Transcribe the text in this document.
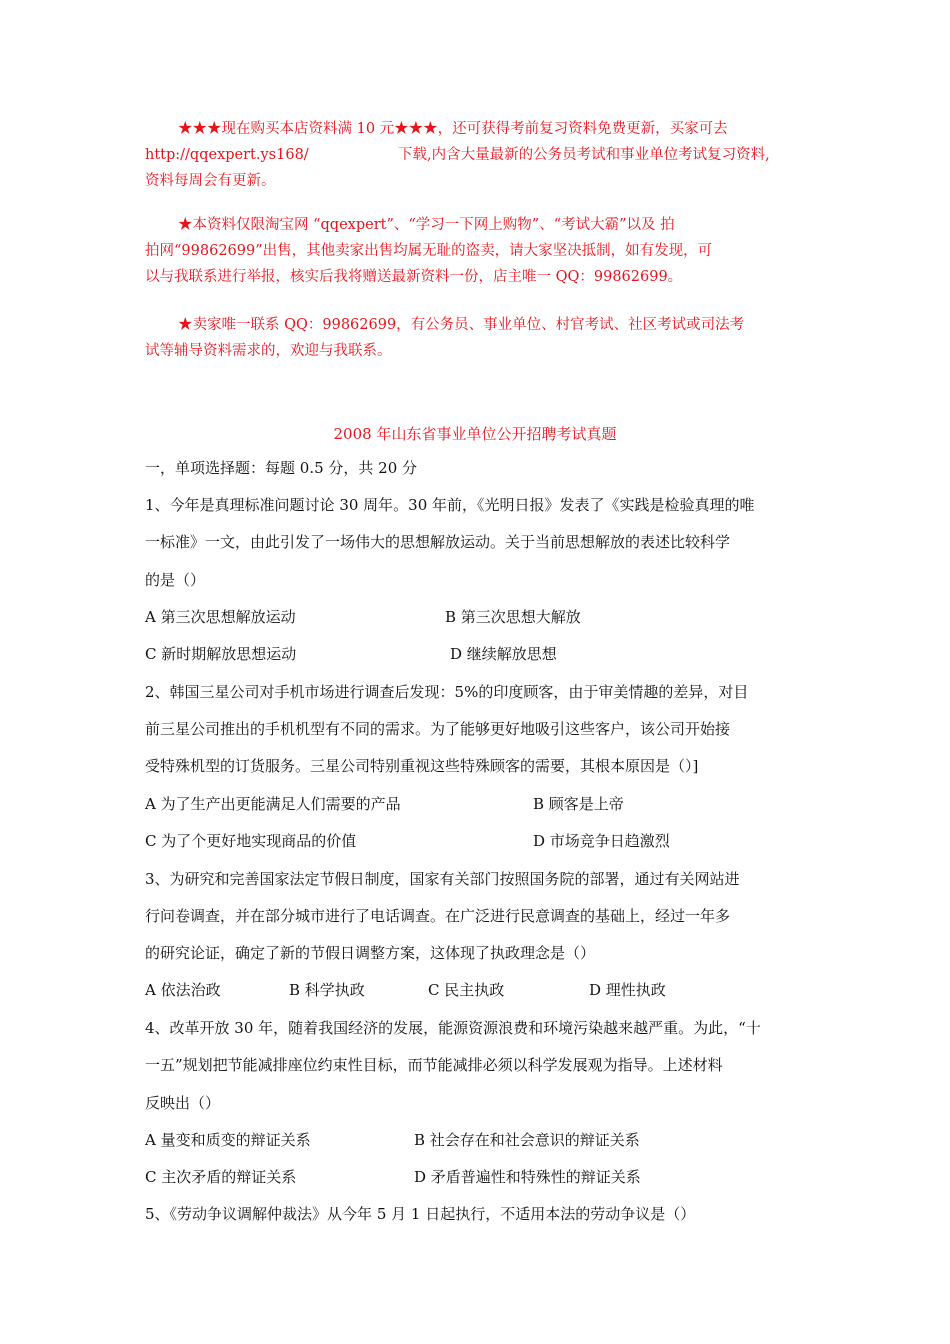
★★★现在购买本店资料满 10 元★★★，还可获得考前复习资料免费更新，买家可去
http://qqexpert.ys168/	下载,内含大量最新的公务员考试和事业单位考试复习资料,
资料每周会有更新。
★本资料仅限淘宝网 “qqexpert”、“学习一下网上购物”、“考试大霸”以及 拍
拍网“99862699”出售，其他卖家出售均属无耻的盗卖，请大家坚决抵制，如有发现，可
以与我联系进行举报，核实后我将赠送最新资料一份，店主唯一 QQ：99862699。
★卖家唯一联系 QQ：99862699，有公务员、事业单位、村官考试、社区考试或司法考
试等辅导资料需求的，欢迎与我联系。
2008 年山东省事业单位公开招聘考试真题
一，单项选择题：每题 0.5 分，共 20 分
1、今年是真理标准问题讨论 30 周年。30 年前，《光明日报》发表了《实践是检验真理的唯
一标准》一文，由此引发了一场伟大的思想解放运动。关于当前思想解放的表述比较科学
的是（）
A 第三次思想解放运动	B 第三次思想大解放
C 新时期解放思想运动	D 继续解放思想
2、韩国三星公司对手机市场进行调查后发现：5%的印度顾客，由于审美情趣的差异，对目
前三星公司推出的手机机型有不同的需求。为了能够更好地吸引这些客户，该公司开始接
受特殊机型的订货服务。三星公司特别重视这些特殊顾客的需要，其根本原因是（）]
A 为了生产出更能满足人们需要的产品	B 顾客是上帝
C 为了个更好地实现商品的价值	D 市场竞争日趋激烈
3、为研究和完善国家法定节假日制度，国家有关部门按照国务院的部署，通过有关网站进
行问卷调查，并在部分城市进行了电话调查。在广泛进行民意调查的基础上，经过一年多
的研究论证，确定了新的节假日调整方案，这体现了执政理念是（）
A 依法治政	B 科学执政	C 民主执政	D 理性执政
4、改革开放 30 年，随着我国经济的发展，能源资源浪费和环境污染越来越严重。为此，“十
一五”规划把节能减排座位约束性目标，而节能减排必须以科学发展观为指导。上述材料
反映出（）
A 量变和质变的辩证关系	B 社会存在和社会意识的辩证关系
C 主次矛盾的辩证关系	D 矛盾普遍性和特殊性的辩证关系
5、《劳动争议调解仲裁法》从今年 5 月 1 日起执行，不适用本法的劳动争议是（）
